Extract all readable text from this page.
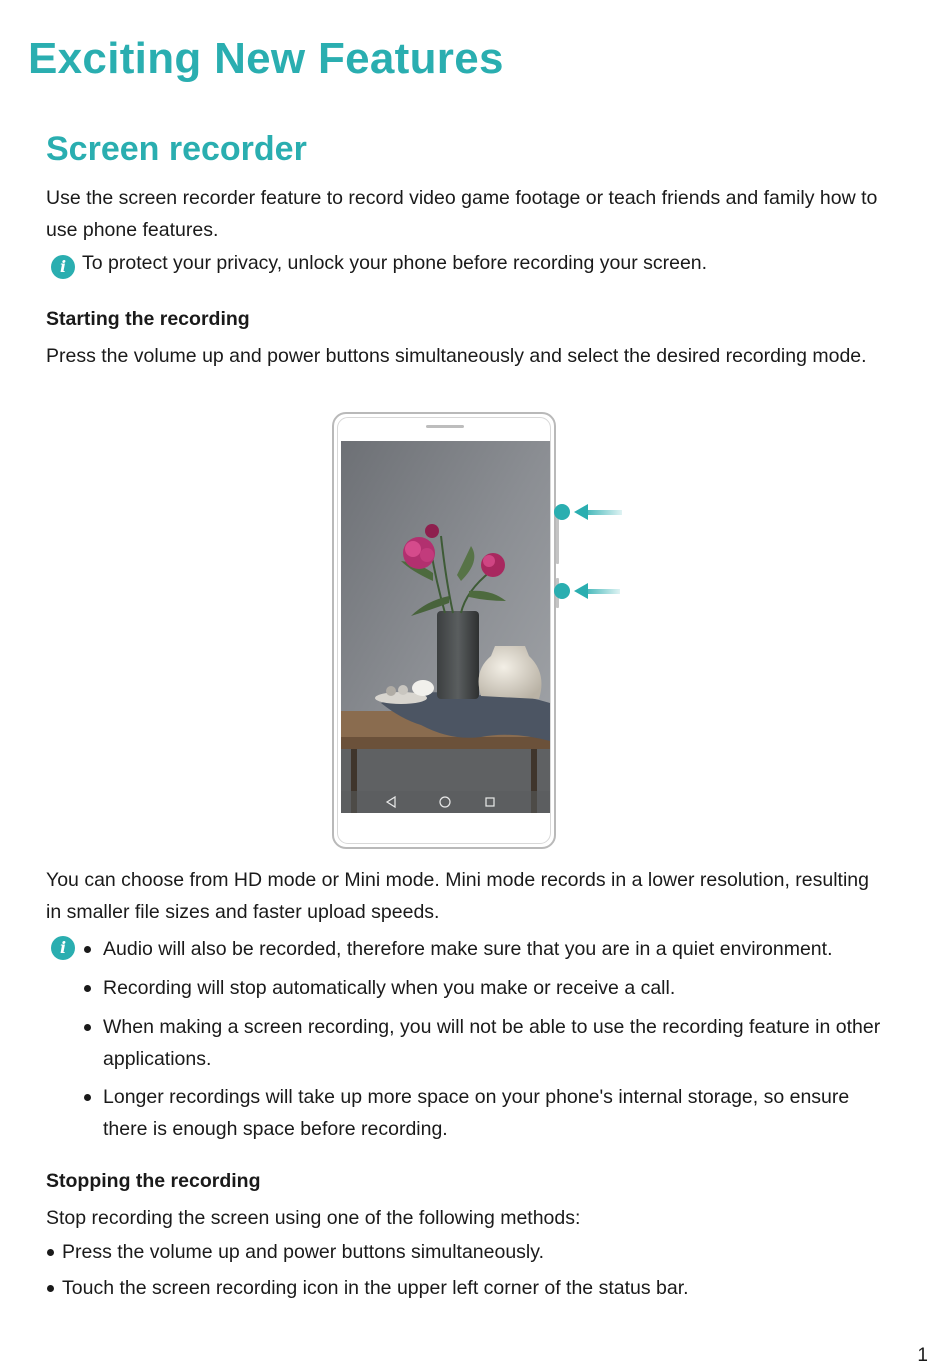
Exciting New Features
Screen recorder
Use the screen recorder feature to record video game footage or teach friends and family how to
use phone features.
i To protect your privacy, unlock your phone before recording your screen.
Starting the recording
Press the volume up and power buttons simultaneously and select the desired recording mode.
You can choose from HD mode or Mini mode. Mini mode records in a lower resolution, resulting
in smaller file sizes and faster upload speeds.
i	Audio will also be recorded, therefore make sure that you are in a quiet environment.
Recording will stop automatically when you make or receive a call.
When making a screen recording, you will not be able to use the recording feature in other
applications.
Longer recordings will take up more space on your phone's internal storage, so ensure
there is enough space before recording.
Stopping the recording
Stop recording the screen using one of the following methods:
Press the volume up and power buttons simultaneously.
Touch the screen recording icon in the upper left corner of the status bar.
1
